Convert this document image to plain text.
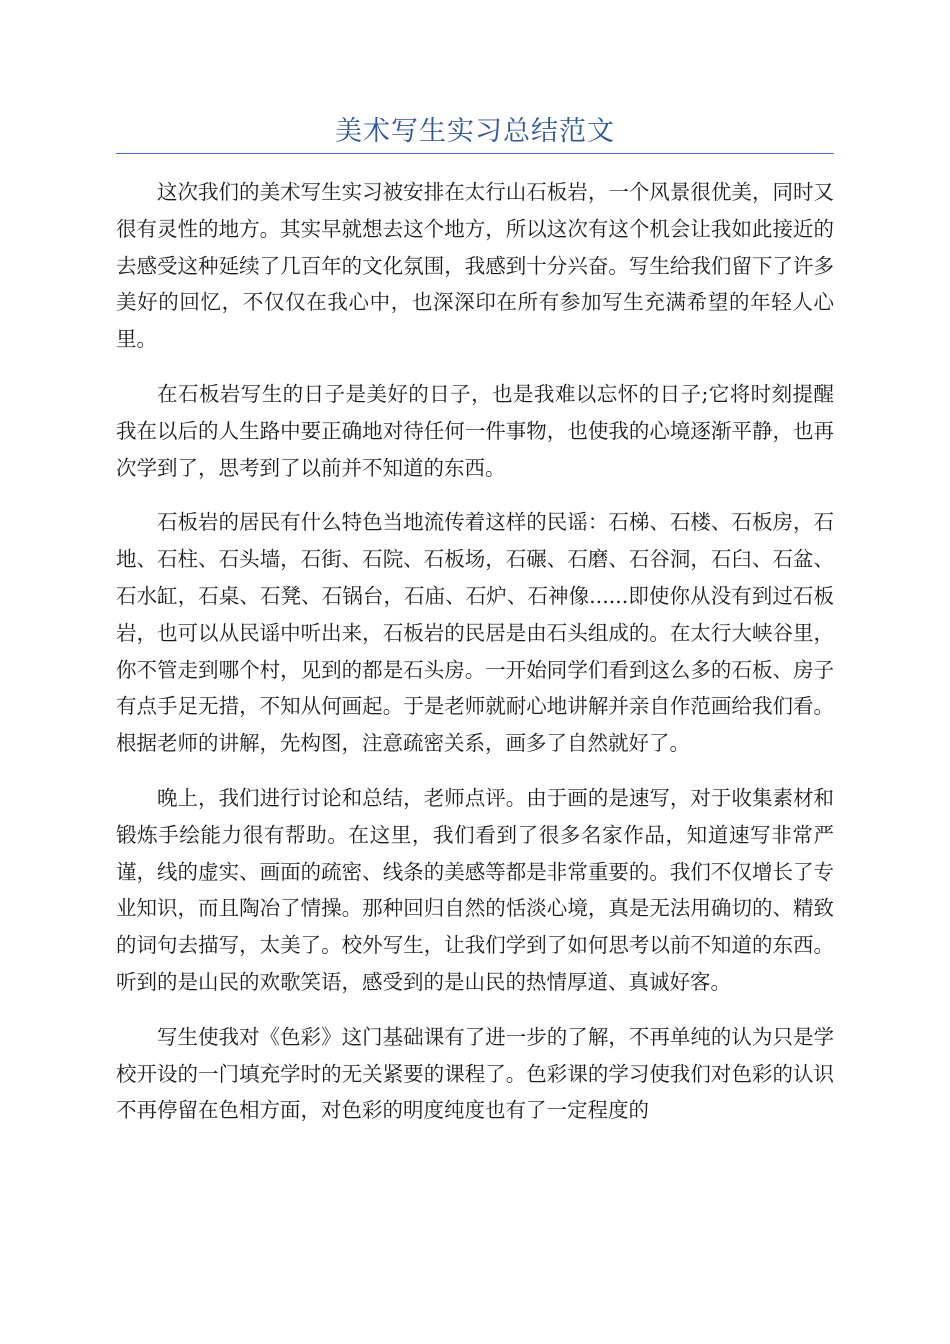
美术写生实习总结范文

这次我们的美术写生实习被安排在太行山石板岩，一个风景很优美，同时又很有灵性的地方。其实早就想去这个地方，所以这次有这个机会让我如此接近的去感受这种延续了几百年的文化氛围，我感到十分兴奋。写生给我们留下了许多美好的回忆，不仅仅在我心中，也深深印在所有参加写生充满希望的年轻人心里。

在石板岩写生的日子是美好的日子，也是我难以忘怀的日子;它将时刻提醒我在以后的人生路中要正确地对待任何一件事物，也使我的心境逐渐平静，也再次学到了，思考到了以前并不知道的东西。

石板岩的居民有什么特色当地流传着这样的民谣：石梯、石楼、石板房，石地、石柱、石头墙，石街、石院、石板场，石碾、石磨、石谷洞，石臼、石盆、石水缸，石桌、石凳、石锅台，石庙、石炉、石神像......即使你从没有到过石板岩，也可以从民谣中听出来，石板岩的民居是由石头组成的。在太行大峡谷里，你不管走到哪个村，见到的都是石头房。一开始同学们看到这么多的石板、房子有点手足无措，不知从何画起。于是老师就耐心地讲解并亲自作范画给我们看。根据老师的讲解，先构图，注意疏密关系，画多了自然就好了。

晚上，我们进行讨论和总结，老师点评。由于画的是速写，对于收集素材和锻炼手绘能力很有帮助。在这里，我们看到了很多名家作品，知道速写非常严谨，线的虚实、画面的疏密、线条的美感等都是非常重要的。我们不仅增长了专业知识，而且陶冶了情操。那种回归自然的恬淡心境，真是无法用确切的、精致的词句去描写，太美了。校外写生，让我们学到了如何思考以前不知道的东西。听到的是山民的欢歌笑语，感受到的是山民的热情厚道、真诚好客。

写生使我对《色彩》这门基础课有了进一步的了解，不再单纯的认为只是学校开设的一门填充学时的无关紧要的课程了。色彩课的学习使我们对色彩的认识不再停留在色相方面，对色彩的明度纯度也有了一定程度的
